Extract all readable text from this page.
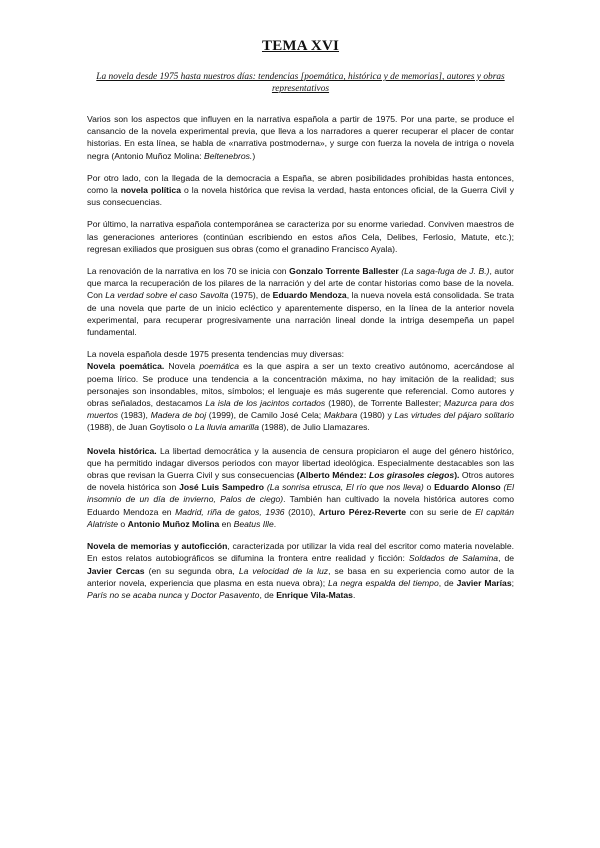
TEMA XVI
La novela desde 1975 hasta nuestros días: tendencias [poemática, histórica y de memorias], autores y obras representativos

Varios son los aspectos que influyen en la narrativa española a partir de 1975. Por una parte, se produce el cansancio de la novela experimental previa, que lleva a los narradores a querer recuperar el placer de contar historias. En esta línea, se habla de «narrativa postmoderna», y surge con fuerza la novela de intriga o novela negra (Antonio Muñoz Molina: Beltenebros.)

Por otro lado, con la llegada de la democracia a España, se abren posibilidades prohibidas hasta entonces, como la novela política o la novela histórica que revisa la verdad, hasta entonces oficial, de la Guerra Civil y sus consecuencias.

Por último, la narrativa española contemporánea se caracteriza por su enorme variedad. Conviven maestros de las generaciones anteriores (continúan escribiendo en estos años Cela, Delibes, Ferlosio, Matute, etc.); regresan exiliados que prosiguen sus obras (como el granadino Francisco Ayala).

La renovación de la narrativa en los 70 se inicia con Gonzalo Torrente Ballester (La saga-fuga de J. B.), autor que marca la recuperación de los pilares de la narración y del arte de contar historias como base de la novela. Con La verdad sobre el caso Savolta (1975), de Eduardo Mendoza, la nueva novela está consolidada. Se trata de una novela que parte de un inicio ecléctico y aparentemente disperso, en la línea de la anterior novela experimental, para recuperar progresivamente una narración lineal donde la intriga desempeña un papel fundamental.

La novela española desde 1975 presenta tendencias muy diversas:

Novela poemática. Novela poemática es la que aspira a ser un texto creativo autónomo, acercándose al poema lírico. Se produce una tendencia a la concentración máxima, no hay imitación de la realidad; sus personajes son insondables, mitos, símbolos; el lenguaje es más sugerente que referencial. Como autores y obras señalados, destacamos La isla de los jacintos cortados (1980), de Torrente Ballester; Mazurca para dos muertos (1983), Madera de boj (1999), de Camilo José Cela; Makbara (1980) y Las virtudes del pájaro solitario (1988), de Juan Goytisolo o La lluvia amarilla (1988), de Julio Llamazares.

Novela histórica. La libertad democrática y la ausencia de censura propiciaron el auge del género histórico, que ha permitido indagar diversos periodos con mayor libertad ideológica. Especialmente destacables son las obras que revisan la Guerra Civil y sus consecuencias (Alberto Méndez: Los girasoles ciegos). Otros autores de novela histórica son José Luis Sampedro (La sonrisa etrusca, El río que nos lleva) o Eduardo Alonso (El insomnio de un día de invierno, Palos de ciego). También han cultivado la novela histórica autores como Eduardo Mendoza en Madrid, riña de gatos, 1936 (2010), Arturo Pérez-Reverte con su serie de El capitán Alatriste o Antonio Muñoz Molina en Beatus Ille.

Novela de memorias y autoficción, caracterizada por utilizar la vida real del escritor como materia novelable. En estos relatos autobiográficos se difumina la frontera entre realidad y ficción: Soldados de Salamina, de Javier Cercas (en su segunda obra, La velocidad de la luz, se basa en su experiencia como autor de la anterior novela, experiencia que plasma en esta nueva obra); La negra espalda del tiempo, de Javier Marías; París no se acaba nunca y Doctor Pasavento, de Enrique Vila-Matas.
